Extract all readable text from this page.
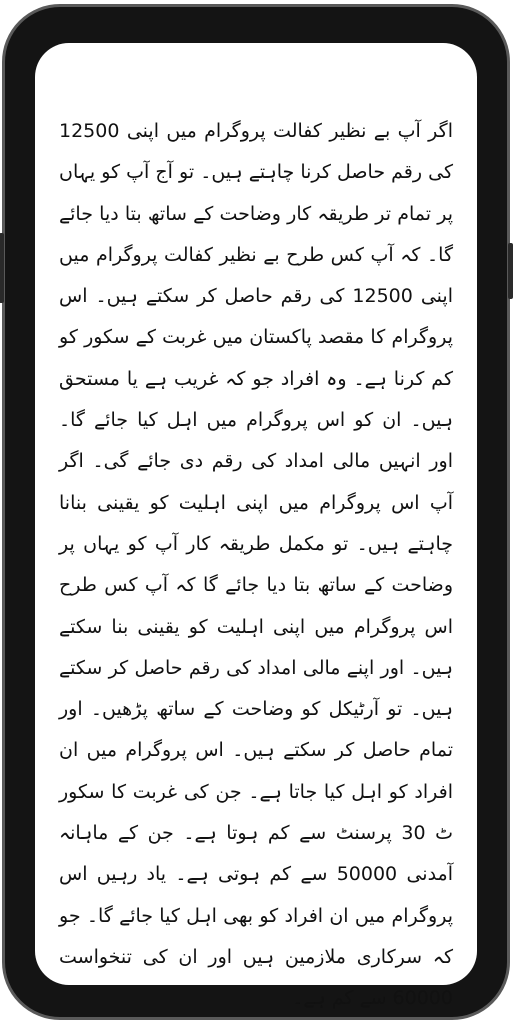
اگر آپ بے نظیر کفالت پروگرام میں اپنی 12500 کی رقم حاصل کرنا چاہتے ہیں۔ تو آج آپ کو یہاں پر تمام تر طریقہ کار وضاحت کے ساتھ بتا دیا جائے گا۔ کہ آپ کس طرح بے نظیر کفالت پروگرام میں اپنی 12500 کی رقم حاصل کر سکتے ہیں۔ اس پروگرام کا مقصد پاکستان میں غربت کے سکور کو کم کرنا ہے۔ وہ افراد جو کہ غریب ہے یا مستحق ہیں۔ ان کو اس پروگرام میں اہل کیا جائے گا۔ اور انہیں مالی امداد کی رقم دی جائے گی۔ اگر آپ اس پروگرام میں اپنی اہلیت کو یقینی بنانا چاہتے ہیں۔ تو مکمل طریقہ کار آپ کو یہاں پر وضاحت کے ساتھ بتا دیا جائے گا کہ آپ کس طرح اس پروگرام میں اپنی اہلیت کو یقینی بنا سکتے ہیں۔ اور اپنے مالی امداد کی رقم حاصل کر سکتے ہیں۔ تو آرٹیکل کو وضاحت کے ساتھ پڑھیں۔ اور تمام حاصل کر سکتے ہیں۔ اس پروگرام میں ان افراد کو اہل کیا جاتا ہے۔ جن کی غربت کا سکور ٹ 30 پرسنٹ سے کم ہوتا ہے۔ جن کے ماہانہ آمدنی 50000 سے کم ہوتی ہے۔ یاد رہیں اس پروگرام میں ان افراد کو بھی اہل کیا جائے گا۔ جو کہ سرکاری ملازمین ہیں اور ان کی تنخواست 60000 سے کم ہے۔
